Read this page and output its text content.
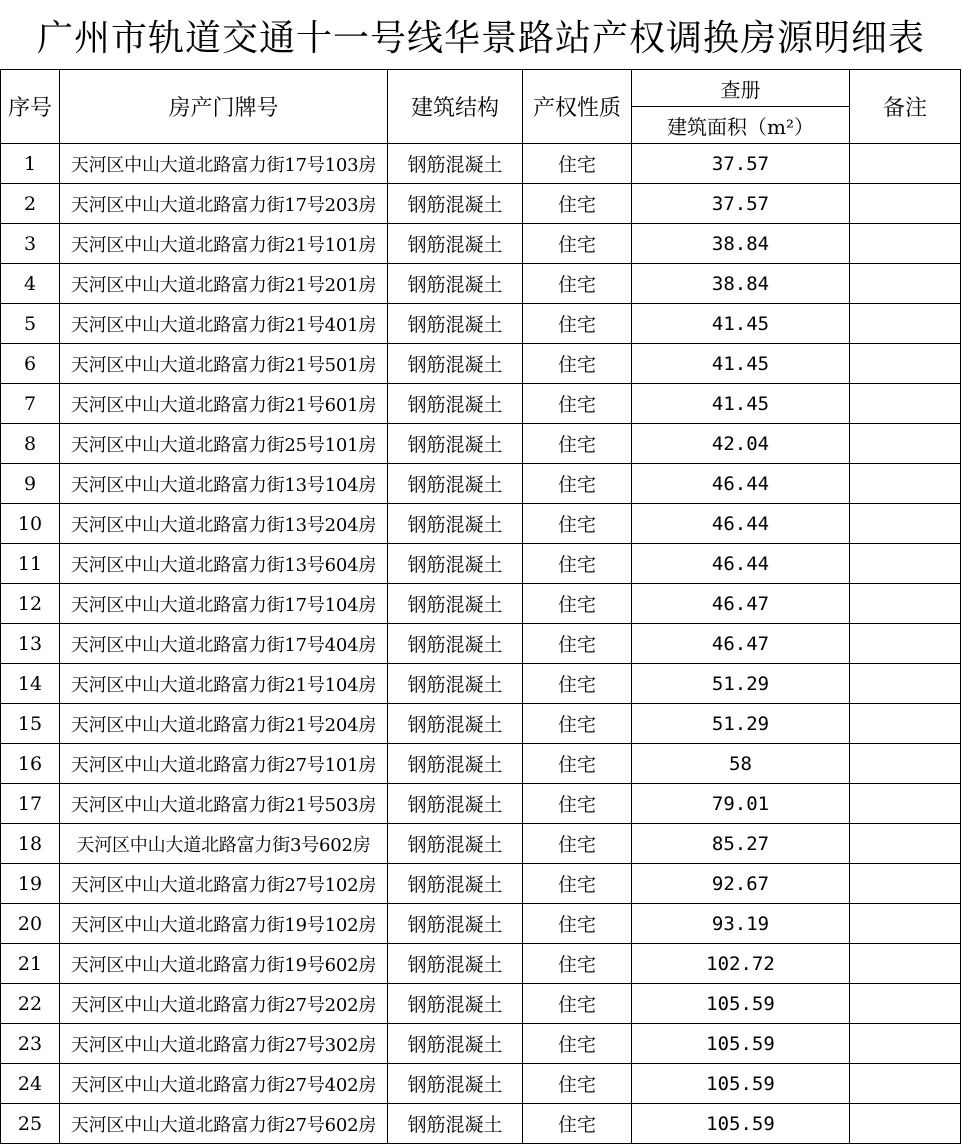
广州市轨道交通十一号线华景路站产权调换房源明细表
序号	房产门牌号	建筑结构	产权性质	查册	备注
				建筑面积（m²）	
1	天河区中山大道北路富力街17号103房	钢筋混凝土	住宅	37.57	
2	天河区中山大道北路富力街17号203房	钢筋混凝土	住宅	37.57	
3	天河区中山大道北路富力街21号101房	钢筋混凝土	住宅	38.84	
4	天河区中山大道北路富力街21号201房	钢筋混凝土	住宅	38.84	
5	天河区中山大道北路富力街21号401房	钢筋混凝土	住宅	41.45	
6	天河区中山大道北路富力街21号501房	钢筋混凝土	住宅	41.45	
7	天河区中山大道北路富力街21号601房	钢筋混凝土	住宅	41.45	
8	天河区中山大道北路富力街25号101房	钢筋混凝土	住宅	42.04	
9	天河区中山大道北路富力街13号104房	钢筋混凝土	住宅	46.44	
10	天河区中山大道北路富力街13号204房	钢筋混凝土	住宅	46.44	
11	天河区中山大道北路富力街13号604房	钢筋混凝土	住宅	46.44	
12	天河区中山大道北路富力街17号104房	钢筋混凝土	住宅	46.47	
13	天河区中山大道北路富力街17号404房	钢筋混凝土	住宅	46.47	
14	天河区中山大道北路富力街21号104房	钢筋混凝土	住宅	51.29	
15	天河区中山大道北路富力街21号204房	钢筋混凝土	住宅	51.29	
16	天河区中山大道北路富力街27号101房	钢筋混凝土	住宅	58	
17	天河区中山大道北路富力街21号503房	钢筋混凝土	住宅	79.01	
18	天河区中山大道北路富力街3号602房	钢筋混凝土	住宅	85.27	
19	天河区中山大道北路富力街27号102房	钢筋混凝土	住宅	92.67	
20	天河区中山大道北路富力街19号102房	钢筋混凝土	住宅	93.19	
21	天河区中山大道北路富力街19号602房	钢筋混凝土	住宅	102.72	
22	天河区中山大道北路富力街27号202房	钢筋混凝土	住宅	105.59	
23	天河区中山大道北路富力街27号302房	钢筋混凝土	住宅	105.59	
24	天河区中山大道北路富力街27号402房	钢筋混凝土	住宅	105.59	
25	天河区中山大道北路富力街27号602房	钢筋混凝土	住宅	105.59	
